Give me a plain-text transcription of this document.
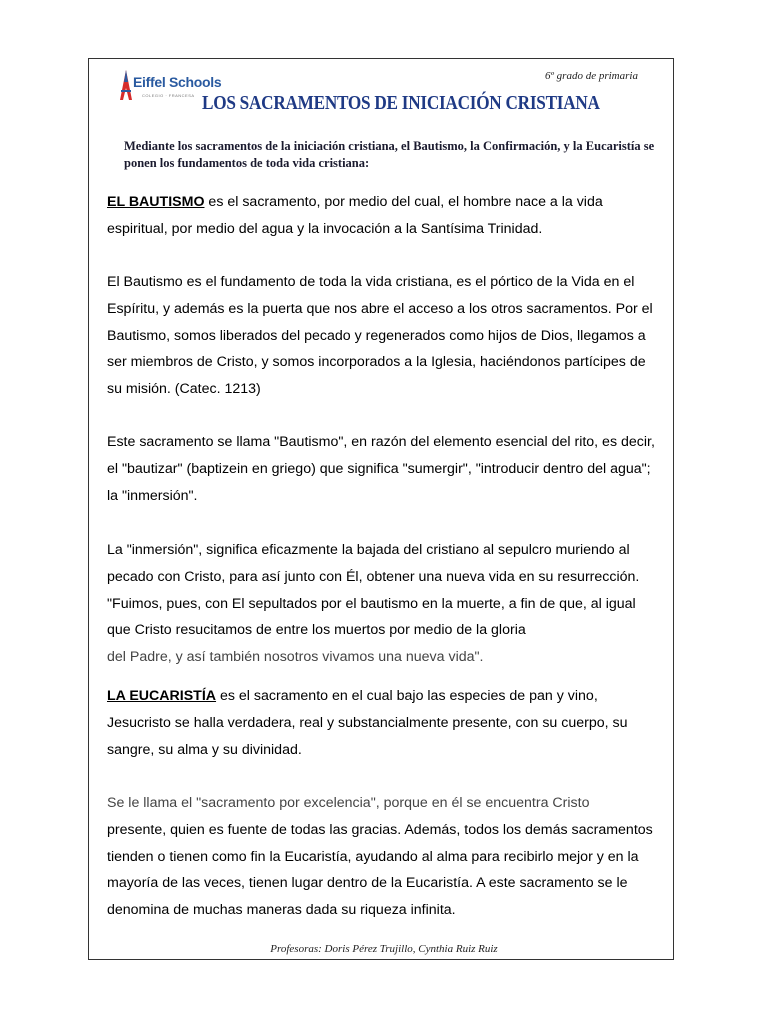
Eiffel Schools
COLEGIO · FRANCESA
6º grado de primaria
LOS SACRAMENTOS DE INICIACIÓN CRISTIANA
Mediante los sacramentos de la iniciación cristiana, el Bautismo, la Confirmación, y la Eucaristía se ponen los fundamentos de toda vida cristiana:
EL BAUTISMO es el sacramento, por medio del cual, el hombre nace a la vida espiritual, por medio del agua y la invocación a la Santísima Trinidad.
El Bautismo es el fundamento de toda la vida cristiana, es el pórtico de la Vida en el Espíritu, y además es la puerta que nos abre el acceso a los otros sacramentos. Por el Bautismo, somos liberados del pecado y regenerados como hijos de Dios, llegamos a ser miembros de Cristo, y somos incorporados a la Iglesia, haciéndonos partícipes de su misión. (Catec. 1213)
Este sacramento se llama "Bautismo", en razón del elemento esencial del rito, es decir, el "bautizar" (baptizein en griego) que significa "sumergir", "introducir dentro del agua"; la "inmersión".
La "inmersión", significa eficazmente la bajada del cristiano al sepulcro muriendo al pecado con Cristo, para así junto con Él, obtener una nueva vida en su resurrección. "Fuimos, pues, con El sepultados por el bautismo en la muerte, a fin de que, al igual que Cristo resucitamos de entre los muertos por medio de la gloria
del Padre, y así también nosotros vivamos una nueva vida".
LA EUCARISTÍA es el sacramento en el cual bajo las especies de pan y vino, Jesucristo se halla verdadera, real y substancialmente presente, con su cuerpo, su sangre, su alma y su divinidad.
Se le llama el "sacramento por excelencia", porque en él se encuentra Cristo
presente, quien es fuente de todas las gracias. Además, todos los demás sacramentos tienden o tienen como fin la Eucaristía, ayudando al alma para recibirlo mejor y en la mayoría de las veces, tienen lugar dentro de la Eucaristía. A este sacramento se le denomina de muchas maneras dada su riqueza infinita.
Profesoras: Doris Pérez Trujillo, Cynthia Ruiz Ruiz
